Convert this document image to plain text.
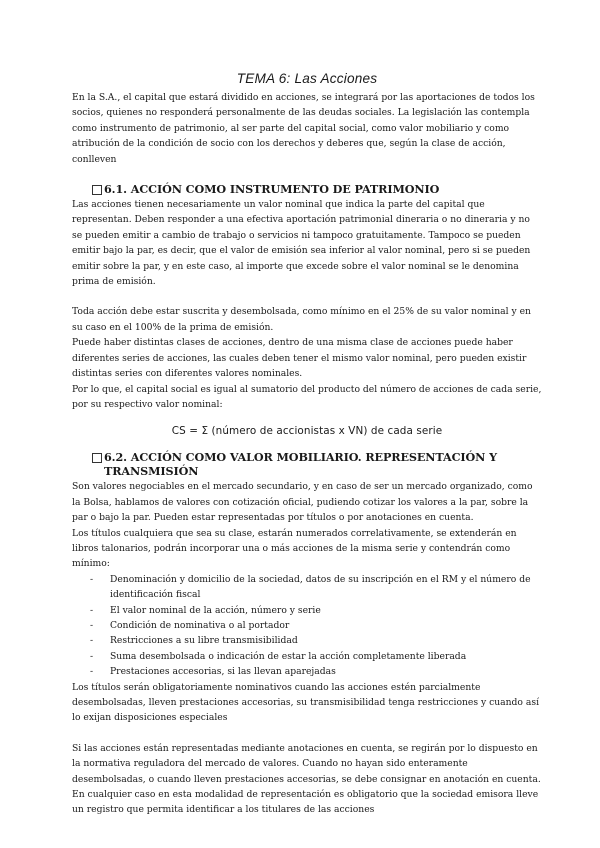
TEMA 6: Las Acciones

En la S.A., el capital que estará dividido en acciones, se integrará por las aportaciones de todos los socios, quienes no responderá personalmente de las deudas sociales. La legislación las contempla como instrumento de patrimonio, al ser parte del capital social, como valor mobiliario y como atribución de la condición de socio con los derechos y deberes que, según la clase de acción, conlleven

6.1. ACCIÓN COMO INSTRUMENTO DE PATRIMONIO

Las acciones tienen necesariamente un valor nominal que indica la parte del capital que representan. Deben responder a una efectiva aportación patrimonial dineraria o no dineraria y no se pueden emitir a cambio de trabajo o servicios ni tampoco gratuitamente. Tampoco se pueden emitir bajo la par, es decir, que el valor de emisión sea inferior al valor nominal, pero si se pueden emitir sobre la par, y en este caso, al importe que excede sobre el valor nominal se le denomina prima de emisión.

Toda acción debe estar suscrita y desembolsada, como mínimo en el 25% de su valor nominal y en su caso en el 100% de la prima de emisión.

Puede haber distintas clases de acciones, dentro de una misma clase de acciones puede haber diferentes series de acciones, las cuales deben tener el mismo valor nominal, pero pueden existir distintas series con diferentes valores nominales.

Por lo que, el capital social es igual al sumatorio del producto del número de acciones de cada serie, por su respectivo valor nominal:

CS = Σ (número de accionistas x VN) de cada serie
6.2. ACCIÓN COMO VALOR MOBILIARIO. REPRESENTACIÓN Y TRANSMISIÓN

Son valores negociables en el mercado secundario, y en caso de ser un mercado organizado, como la Bolsa, hablamos de valores con cotización oficial, pudiendo cotizar los valores a la par, sobre la par o bajo la par. Pueden estar representadas por títulos o por anotaciones en cuenta.

Los títulos cualquiera que sea su clase, estarán numerados correlativamente, se extenderán en libros talonarios, podrán incorporar una o más acciones de la misma serie y contendrán como mínimo:

- Denominación y domicilio de la sociedad, datos de su inscripción en el RM y el número de identificación fiscal
- El valor nominal de la acción, número y serie
- Condición de nominativa o al portador
- Restricciones a su libre transmisibilidad
- Suma desembolsada o indicación de estar la acción completamente liberada
- Prestaciones accesorias, si las llevan aparejadas

Los títulos serán obligatoriamente nominativos cuando las acciones estén parcialmente desembolsadas, lleven prestaciones accesorias, su transmisibilidad tenga restricciones y cuando así lo exijan disposiciones especiales

Si las acciones están representadas mediante anotaciones en cuenta, se regirán por lo dispuesto en la normativa reguladora del mercado de valores. Cuando no hayan sido enteramente desembolsadas, o cuando lleven prestaciones accesorias, se debe consignar en anotación en cuenta.

En cualquier caso en esta modalidad de representación es obligatorio que la sociedad emisora lleve un registro que permita identificar a los titulares de las acciones
